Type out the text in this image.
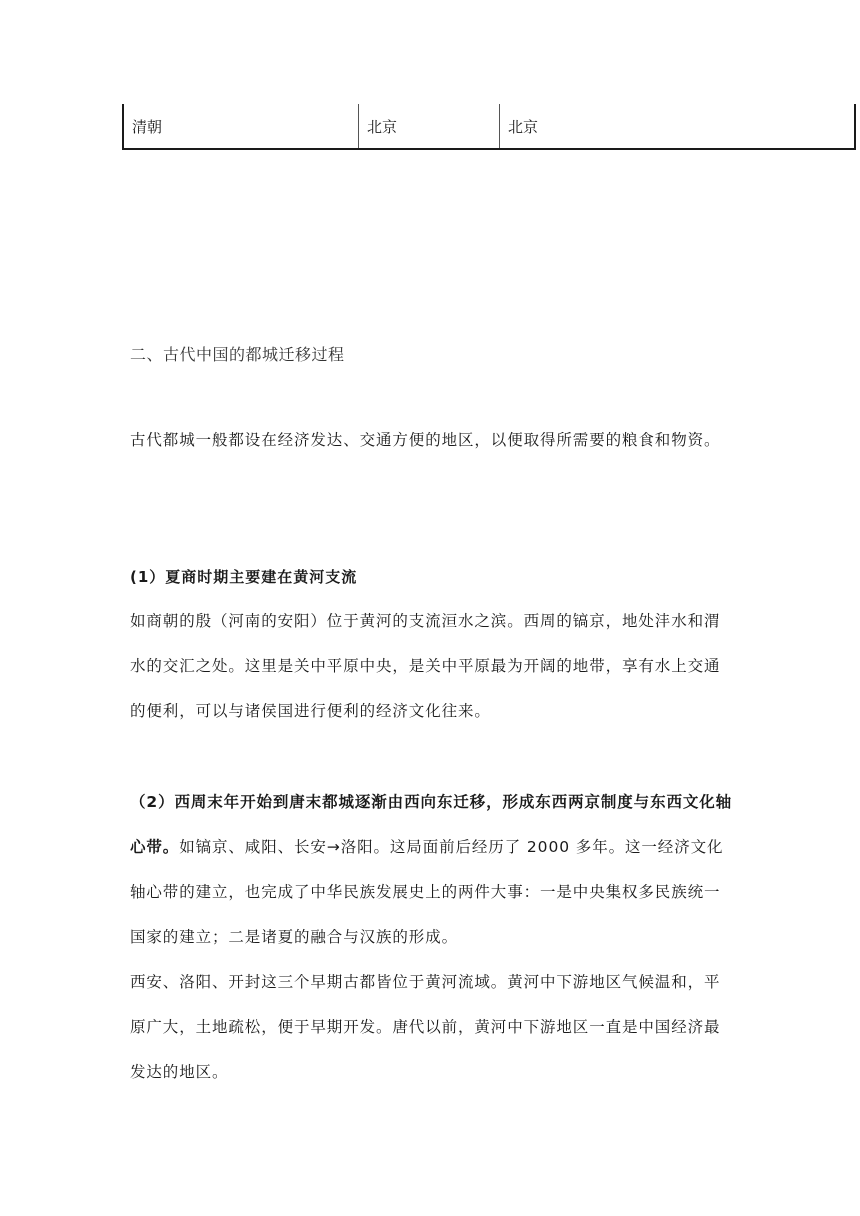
清朝	北京	北京
二、古代中国的都城迁移过程

古代都城一般都设在经济发达、交通方便的地区，以便取得所需要的粮食和物资。

(1）夏商时期主要建在黄河支流

如商朝的殷（河南的安阳）位于黄河的支流洹水之滨。西周的镐京，地处沣水和渭水的交汇之处。这里是关中平原中央，是关中平原最为开阔的地带，享有水上交通的便利，可以与诸侯国进行便利的经济文化往来。

（2）西周末年开始到唐末都城逐渐由西向东迁移，形成东西两京制度与东西文化轴心带。如镐京、咸阳、长安→洛阳。这局面前后经历了 2000 多年。这一经济文化轴心带的建立，也完成了中华民族发展史上的两件大事：一是中央集权多民族统一国家的建立；二是诸夏的融合与汉族的形成。

西安、洛阳、开封这三个早期古都皆位于黄河流域。黄河中下游地区气候温和，平原广大，土地疏松，便于早期开发。唐代以前，黄河中下游地区一直是中国经济最发达的地区。
